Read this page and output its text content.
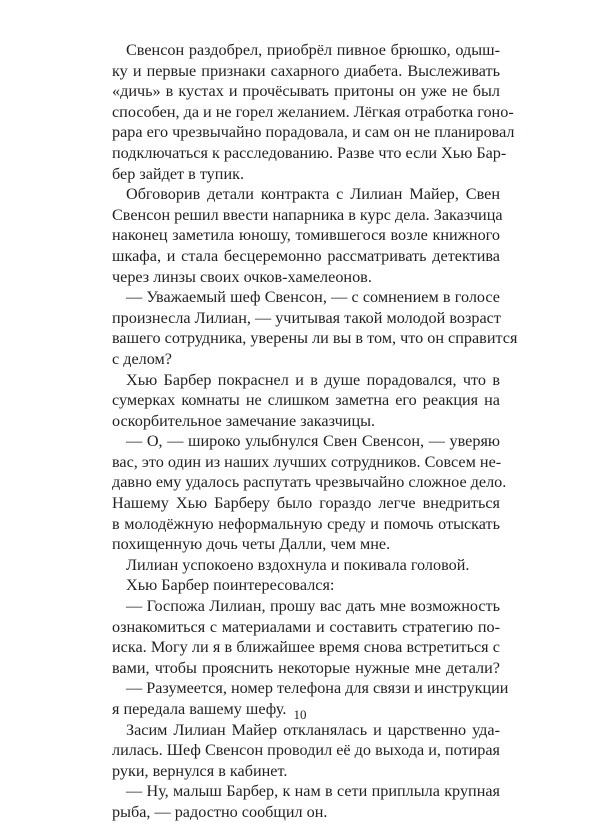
Свенсон раздобрел, приобрёл пивное брюшко, одыш-
ку и первые признаки сахарного диабета. Выслеживать
«дичь» в кустах и прочёсывать притоны он уже не был
способен, да и не горел желанием. Лёгкая отработка гоно-
рара его чрезвычайно порадовала, и сам он не планировал
подключаться к расследованию. Разве что если Хью Бар-
бер зайдет в тупик.
Обговорив детали контракта с Лилиан Майер, Свен
Свенсон решил ввести напарника в курс дела. Заказчица
наконец заметила юношу, томившегося возле книжного
шкафа, и стала бесцеремонно рассматривать детектива
через линзы своих очков-хамелеонов.
— Уважаемый шеф Свенсон, — с сомнением в голосе
произнесла Лилиан, — учитывая такой молодой возраст
вашего сотрудника, уверены ли вы в том, что он справится
с делом?
Хью Барбер покраснел и в душе порадовался, что в
сумерках комнаты не слишком заметна его реакция на
оскорбительное замечание заказчицы.
— О, — широко улыбнулся Свен Свенсон, — уверяю
вас, это один из наших лучших сотрудников. Совсем не-
давно ему удалось распутать чрезвычайно сложное дело.
Нашему Хью Барберу было гораздо легче внедриться
в молодёжную неформальную среду и помочь отыскать
похищенную дочь четы Далли, чем мне.
Лилиан успокоено вздохнула и покивала головой.
Хью Барбер поинтересовался:
— Госпожа Лилиан, прошу вас дать мне возможность
ознакомиться с материалами и составить стратегию по-
иска. Могу ли я в ближайшее время снова встретиться с
вами, чтобы прояснить некоторые нужные мне детали?
— Разумеется, номер телефона для связи и инструкции
я передала вашему шефу.
Засим Лилиан Майер откланялась и царственно уда-
лилась. Шеф Свенсон проводил её до выхода и, потирая
руки, вернулся в кабинет.
— Ну, малыш Барбер, к нам в сети приплыла крупная
рыба, — радостно сообщил он.
10
